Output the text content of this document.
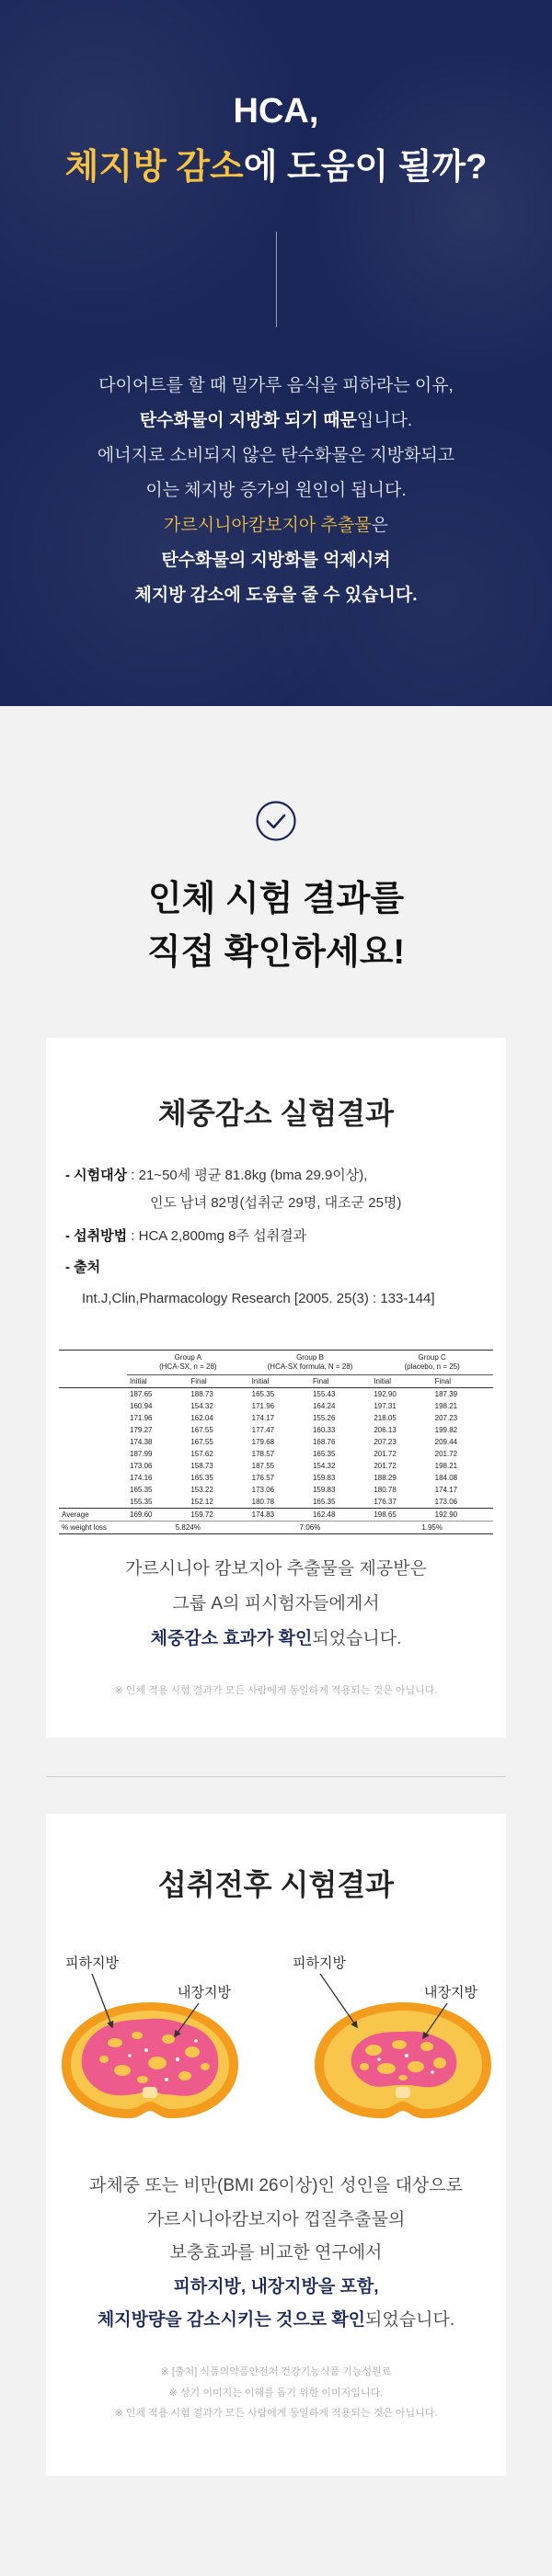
HCA,
체지방 감소에 도움이 될까?
다이어트를 할 때 밀가루 음식을 피하라는 이유,
탄수화물이 지방화 되기 때문입니다.
에너지로 소비되지 않은 탄수화물은 지방화되고
이는 체지방 증가의 원인이 됩니다.
가르시니아캄보지아 추출물은
탄수화물의 지방화를 억제시켜
체지방 감소에 도움을 줄 수 있습니다.
인체 시험 결과를
직접 확인하세요!
체중감소 실험결과
- 시험대상 : 21~50세 평균 81.8kg (bma 29.9이상),
인도 남녀 82명(섭취군 29명, 대조군 25명)
- 섭취방법 : HCA 2,800mg 8주 섭취결과
- 출처
Int.J,Clin,Pharmacology Research [2005. 25(3) : 133-144]

	Group A
(HCA-SX, n = 28)		Group B
(HCA-SX formula, N = 28)		Group C
(placebo, n = 25)	

	Initial	Final	Initial	Final	Initial	Final
	187.65	188.73	165.35	155.43	192.90	187.39
	160.94	154.32	171.96	164.24	197.31	198.21
	171.96	162.04	174.17	155.26	218.05	207.23
	179.27	167.55	177.47	160.33	206.13	199.82
	174.38	167.55	179.68	168.76	207.23	209.44
	187.99	157.62	178.57	165.35	201.72	201.72
	173.06	158.73	187.55	154.32	201.72	198.21
	174.16	165.35	176.57	159.83	188.29	184.08
	165.35	153.22	173.06	159.83	180.78	174.17
	155.35	152.12	180.78	165.35	176.37	173.06
Average	169.60	159.72	174.83	162.48	198.65	192.90
% weight loss	5.824%		7.06%		1.95%	
가르시니아 캄보지아 추출물을 제공받은
그룹 A의 피시험자들에게서
체중감소 효과가 확인되었습니다.
※ 인체 적용 시험 결과가 모든 사람에게 동일하게 적용되는 것은 아닙니다.
섭취전후 시험결과
피하지방
내장지방
피하지방
내장지방
과체중 또는 비만(BMI 26이상)인 성인을 대상으로
가르시니아캄보지아 껍질추출물의
보충효과를 비교한 연구에서
피하지방, 내장지방을 포함,
체지방량을 감소시키는 것으로 확인되었습니다.
※ [출처] 식품의약품안전처 건강기능식품 기능성원료
※ 상기 이미지는 이해를 돕기 위한 이미지입니다.
※ 인체 적용 시험 결과가 모든 사람에게 동일하게 적용되는 것은 아닙니다.
